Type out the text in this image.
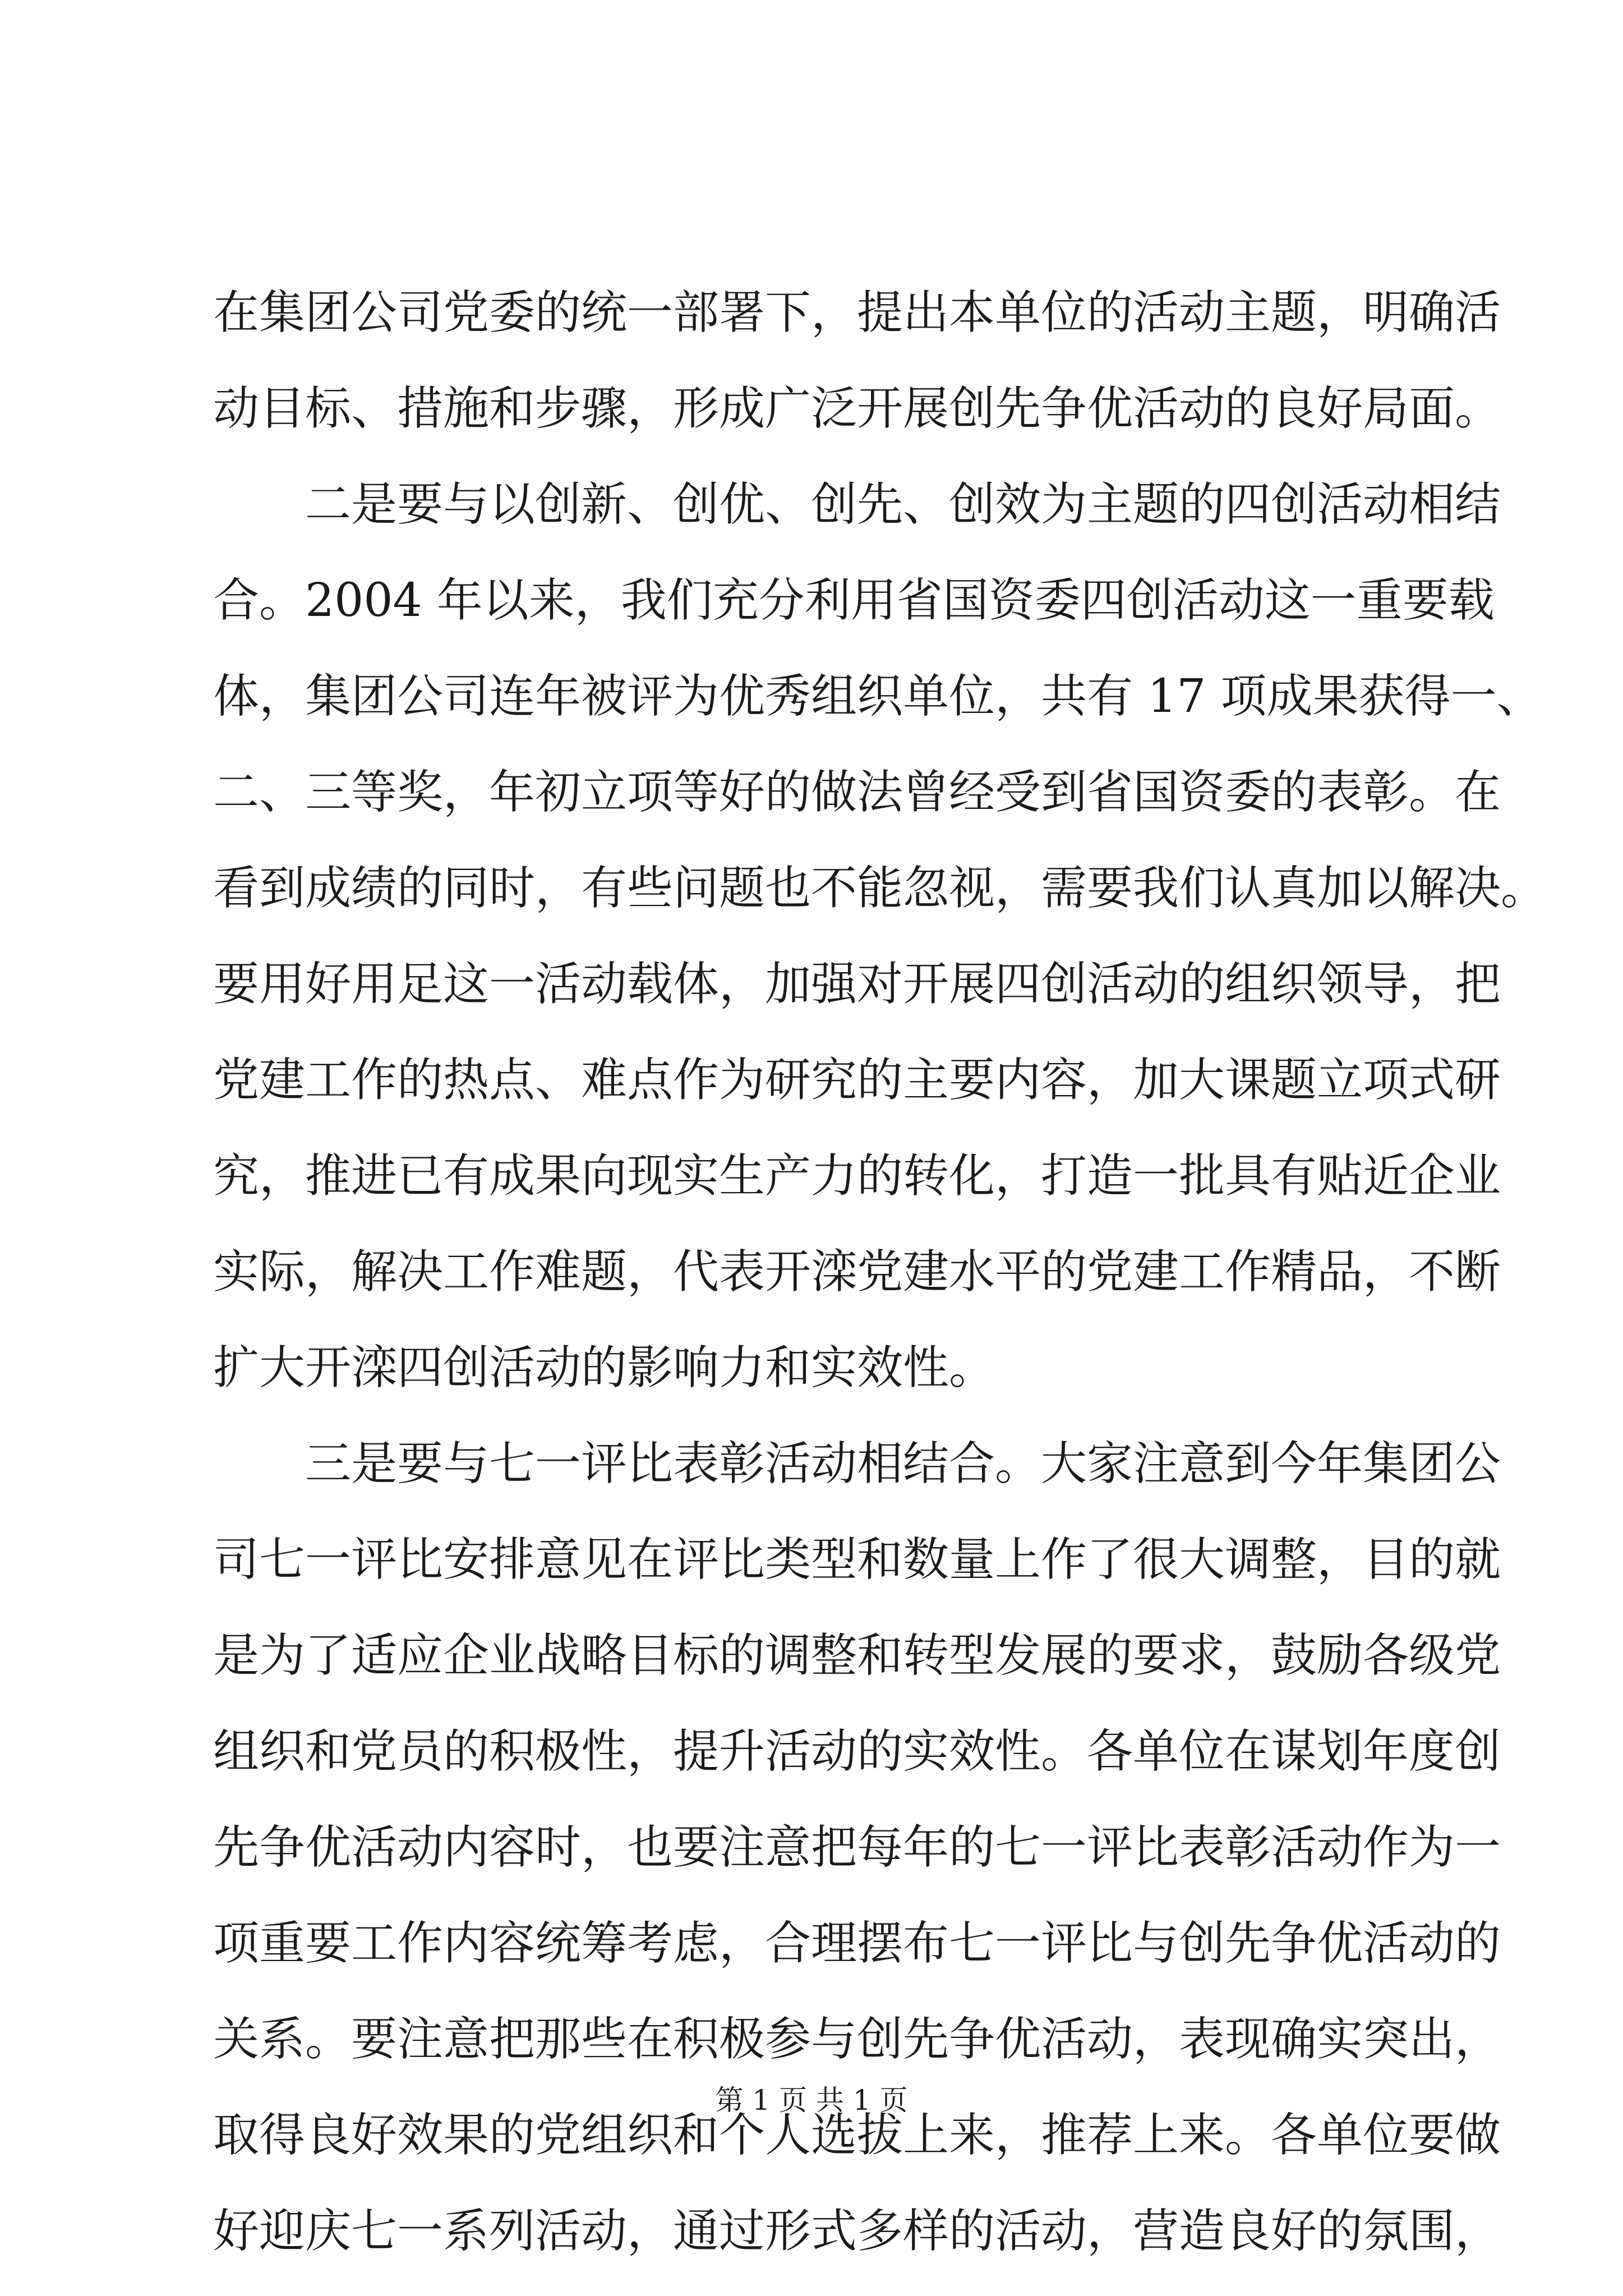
在集团公司党委的统一部署下，提出本单位的活动主题，明确活
动目标、措施和步骤，形成广泛开展创先争优活动的良好局面。
二是要与以创新、创优、创先、创效为主题的四创活动相结
合。2004 年以来，我们充分利用省国资委四创活动这一重要载
体，集团公司连年被评为优秀组织单位，共有 17 项成果获得一、
二、三等奖，年初立项等好的做法曾经受到省国资委的表彰。在
看到成绩的同时，有些问题也不能忽视，需要我们认真加以解决。
要用好用足这一活动载体，加强对开展四创活动的组织领导，把
党建工作的热点、难点作为研究的主要内容，加大课题立项式研
究，推进已有成果向现实生产力的转化，打造一批具有贴近企业
实际，解决工作难题，代表开滦党建水平的党建工作精品，不断
扩大开滦四创活动的影响力和实效性。
三是要与七一评比表彰活动相结合。大家注意到今年集团公
司七一评比安排意见在评比类型和数量上作了很大调整，目的就
是为了适应企业战略目标的调整和转型发展的要求，鼓励各级党
组织和党员的积极性，提升活动的实效性。各单位在谋划年度创
先争优活动内容时，也要注意把每年的七一评比表彰活动作为一
项重要工作内容统筹考虑，合理摆布七一评比与创先争优活动的
关系。要注意把那些在积极参与创先争优活动，表现确实突出，
取得良好效果的党组织和个人选拔上来，推荐上来。各单位要做
好迎庆七一系列活动，通过形式多样的活动，营造良好的氛围，
第 1 页 共 1 页
